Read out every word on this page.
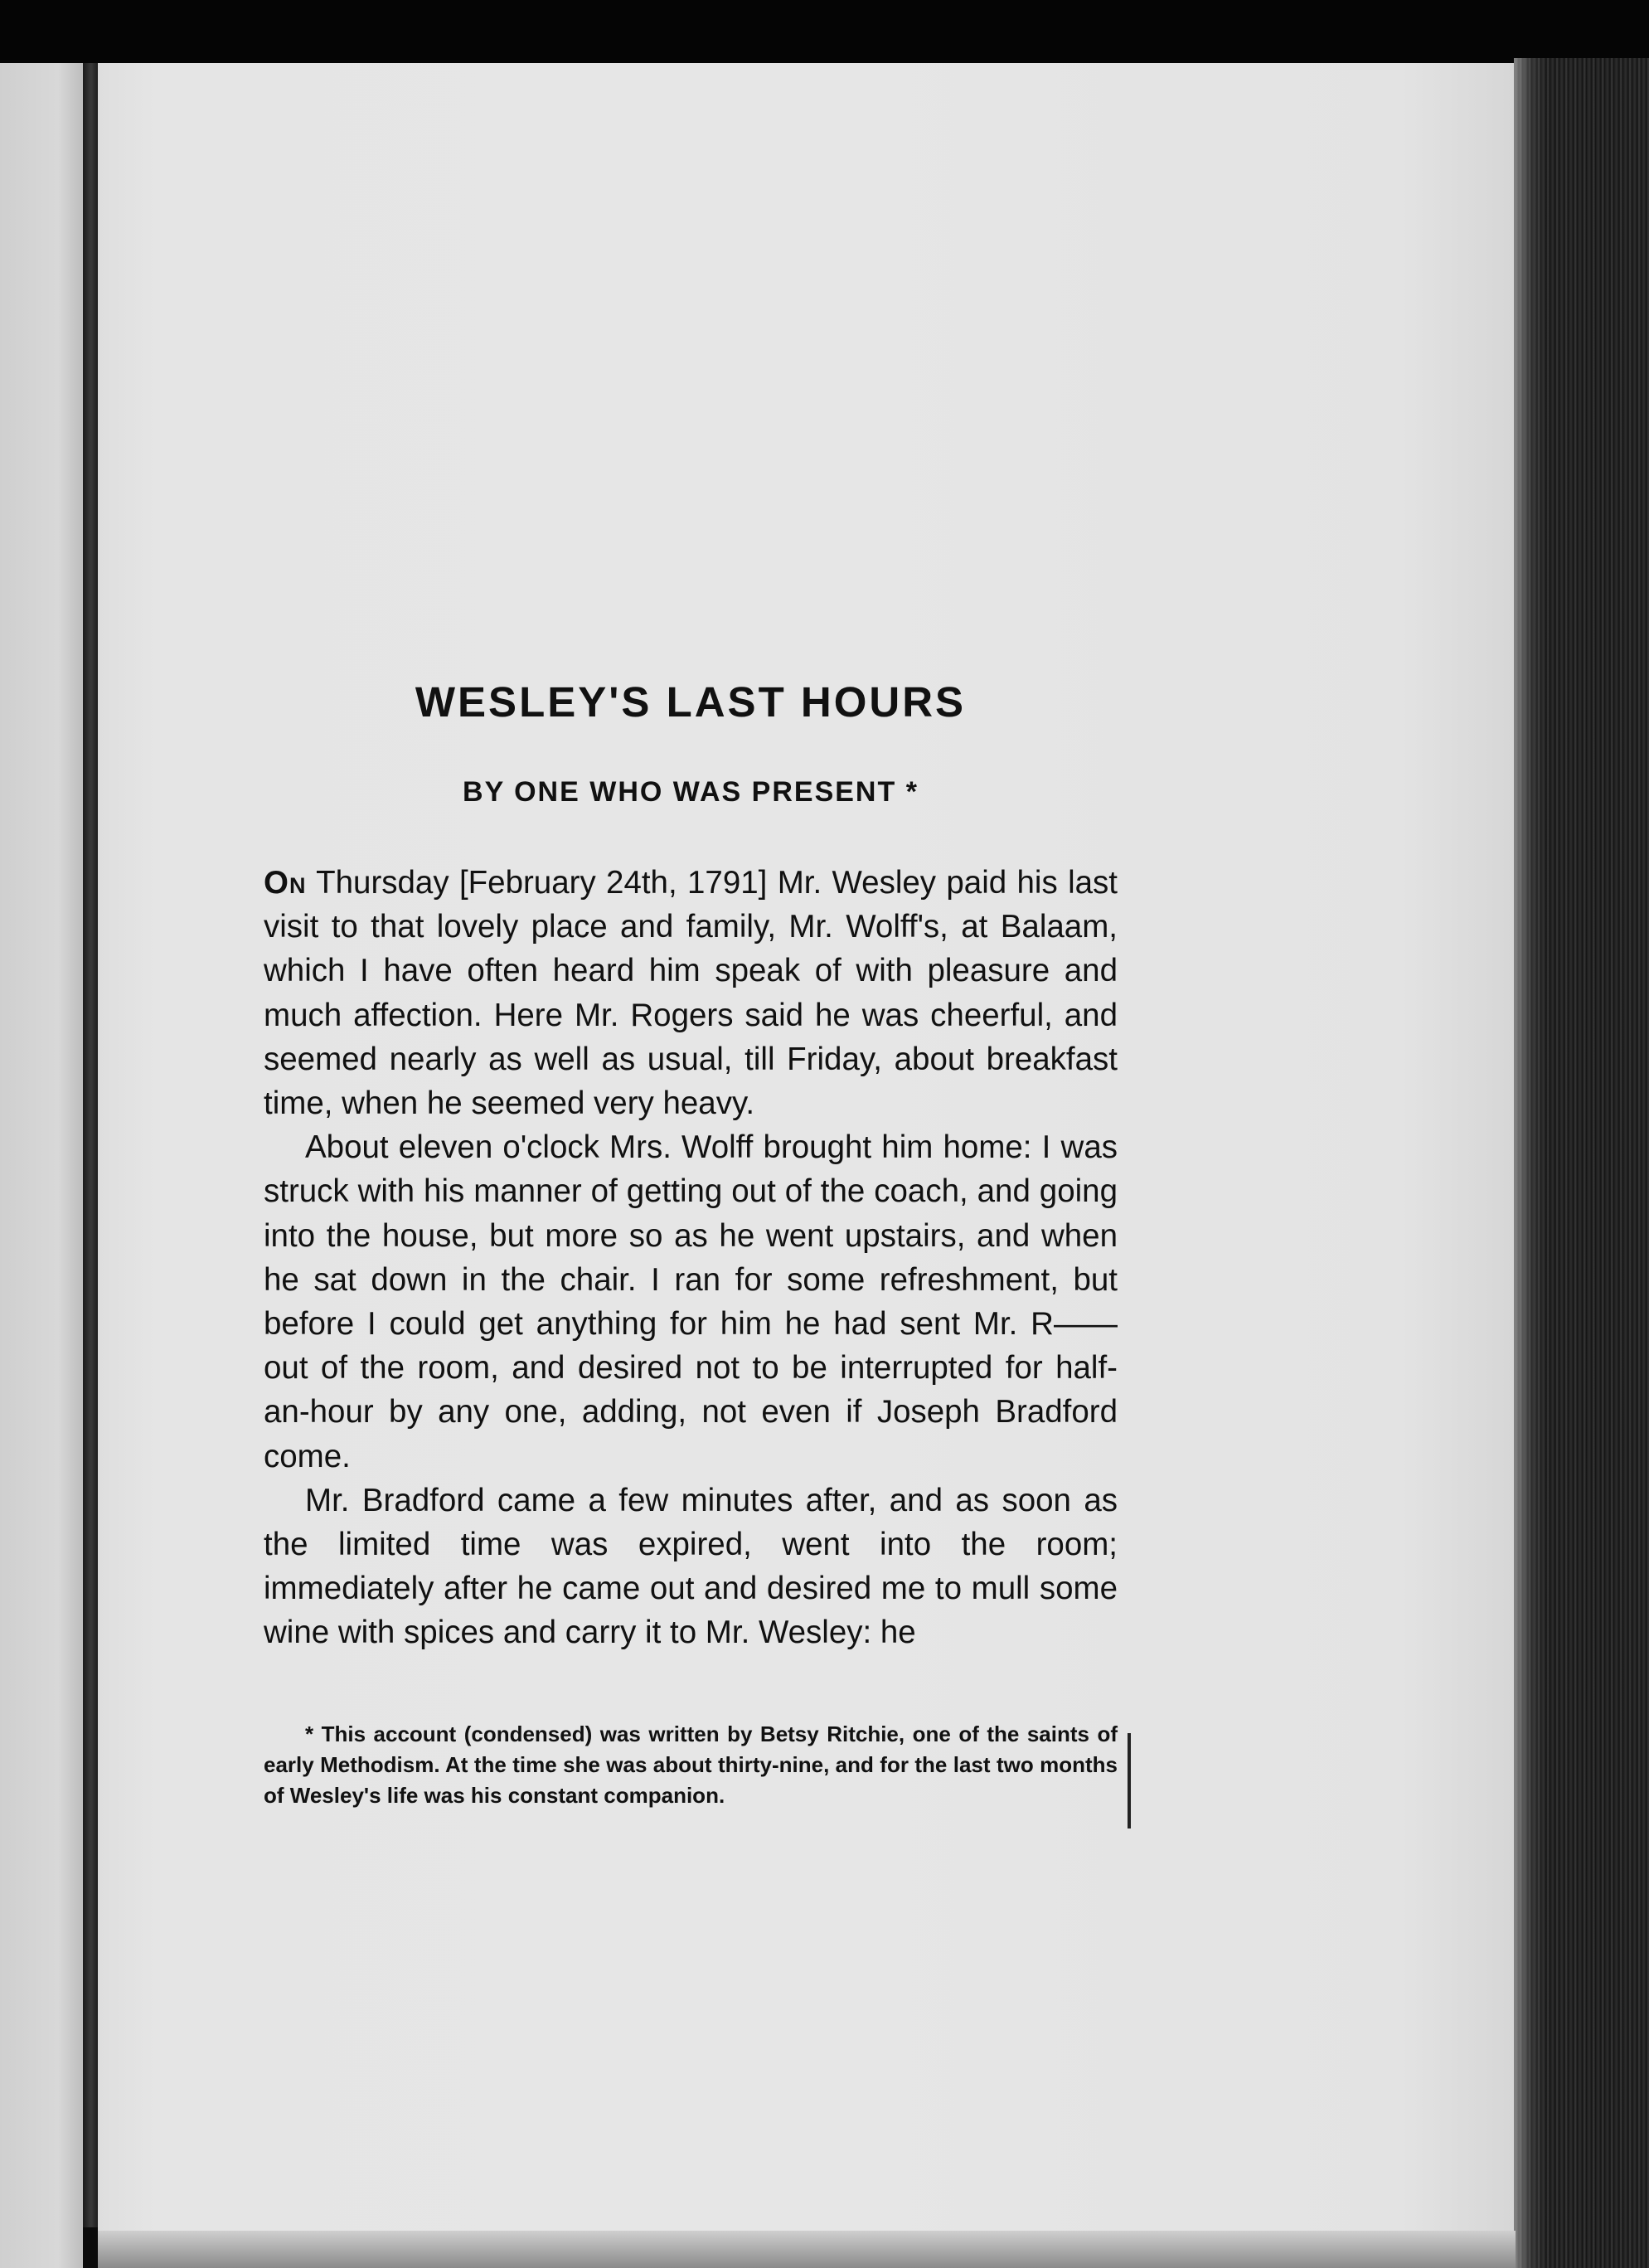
WESLEY'S LAST HOURS
BY ONE WHO WAS PRESENT *

On Thursday [February 24th, 1791] Mr. Wesley paid his last visit to that lovely place and family, Mr. Wolff's, at Balaam, which I have often heard him speak of with pleasure and much affection. Here Mr. Rogers said he was cheerful, and seemed nearly as well as usual, till Friday, about breakfast time, when he seemed very heavy.

About eleven o'clock Mrs. Wolff brought him home: I was struck with his manner of getting out of the coach, and going into the house, but more so as he went upstairs, and when he sat down in the chair. I ran for some refreshment, but before I could get anything for him he had sent Mr. R—— out of the room, and desired not to be interrupted for half-an-hour by any one, adding, not even if Joseph Bradford come.

Mr. Bradford came a few minutes after, and as soon as the limited time was expired, went into the room; immediately after he came out and desired me to mull some wine with spices and carry it to Mr. Wesley: he

* This account (condensed) was written by Betsy Ritchie, one of the saints of early Methodism. At the time she was about thirty-nine, and for the last two months of Wesley's life was his constant companion.
